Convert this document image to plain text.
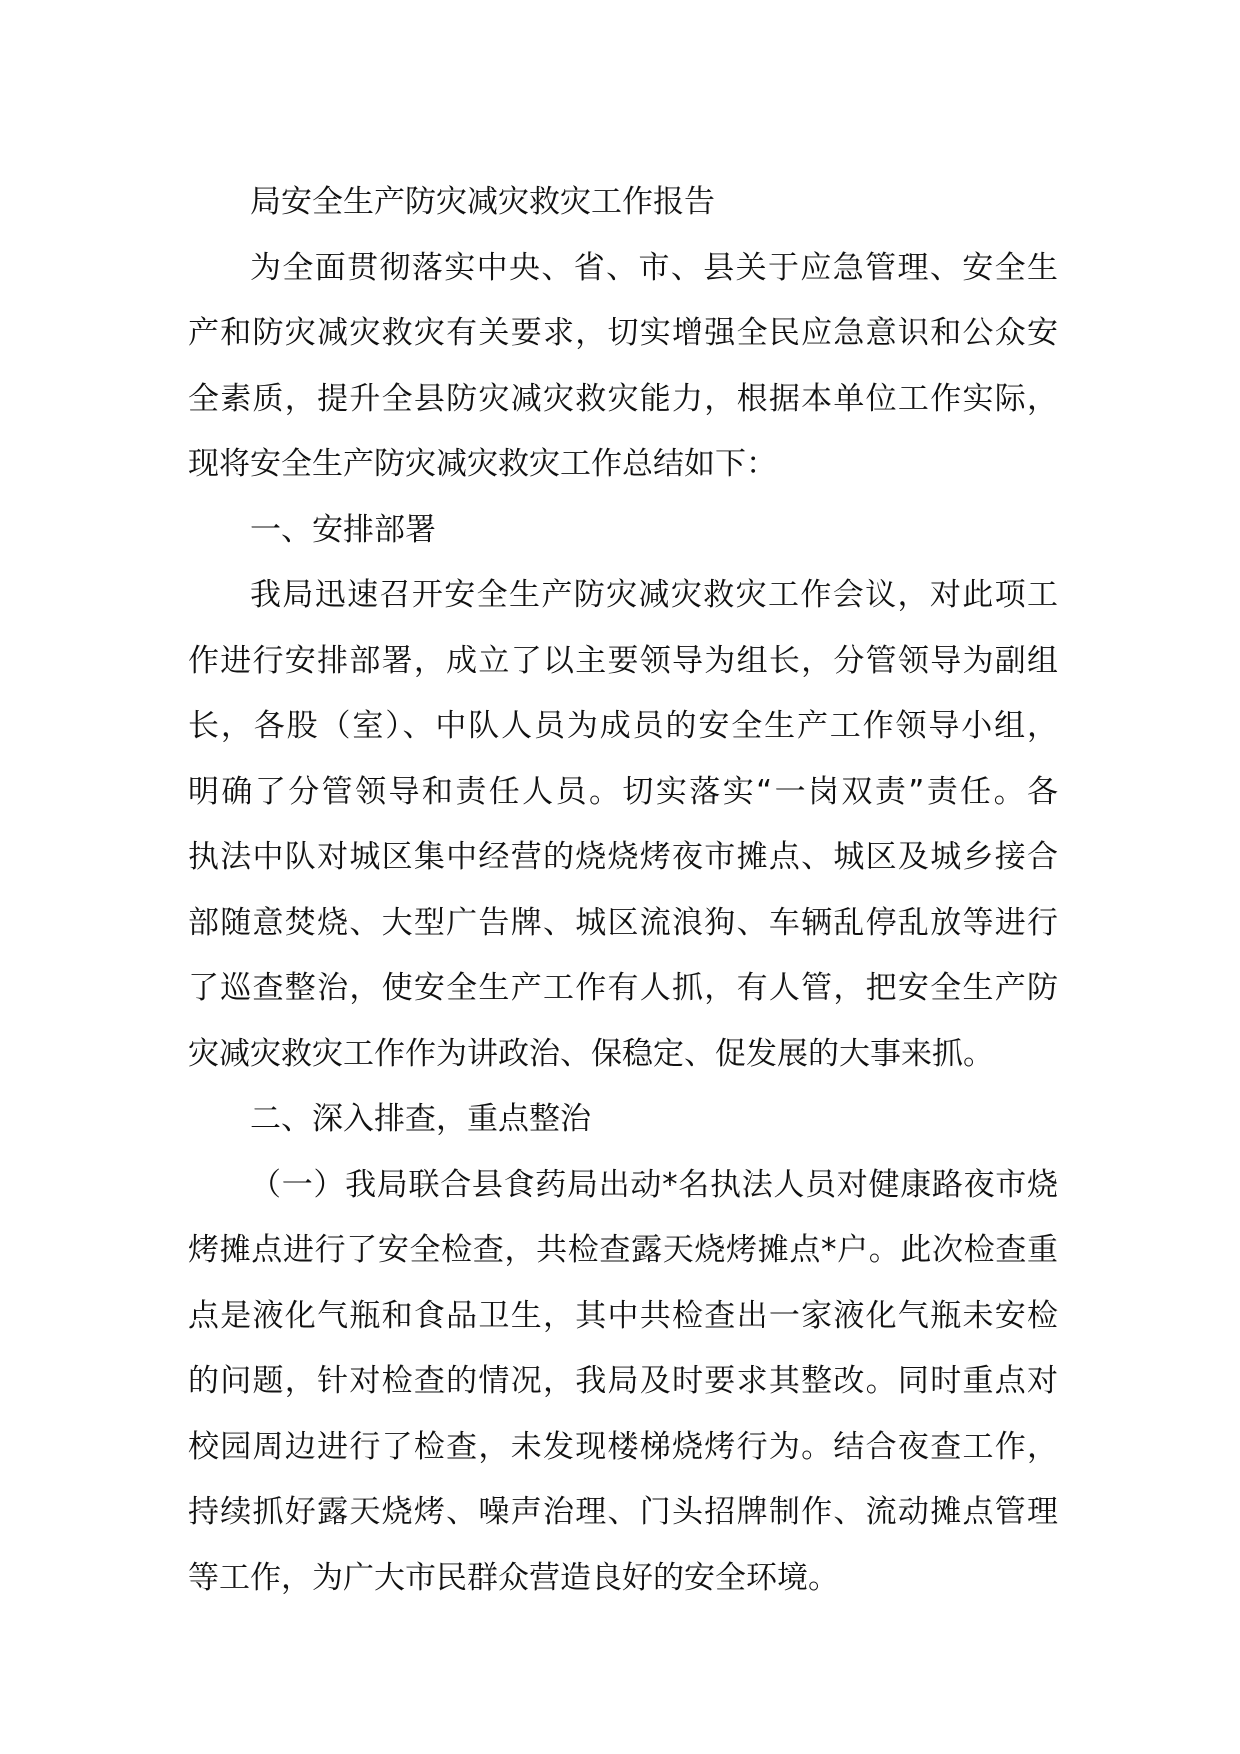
局安全生产防灾减灾救灾工作报告
为全面贯彻落实中央、省、市、县关于应急管理、安全生
产和防灾减灾救灾有关要求，切实增强全民应急意识和公众安
全素质，提升全县防灾减灾救灾能力，根据本单位工作实际，
现将安全生产防灾减灾救灾工作总结如下：
一、安排部署
我局迅速召开安全生产防灾减灾救灾工作会议，对此项工
作进行安排部署，成立了以主要领导为组长，分管领导为副组
长，各股（室）、中队人员为成员的安全生产工作领导小组，
明确了分管领导和责任人员。切实落实“一岗双责”责任。各
执法中队对城区集中经营的烧烧烤夜市摊点、城区及城乡接合
部随意焚烧、大型广告牌、城区流浪狗、车辆乱停乱放等进行
了巡查整治，使安全生产工作有人抓，有人管，把安全生产防
灾减灾救灾工作作为讲政治、保稳定、促发展的大事来抓。
二、深入排查，重点整治
（一）我局联合县食药局出动*名执法人员对健康路夜市烧
烤摊点进行了安全检查，共检查露天烧烤摊点*户。此次检查重
点是液化气瓶和食品卫生，其中共检查出一家液化气瓶未安检
的问题，针对检查的情况，我局及时要求其整改。同时重点对
校园周边进行了检查，未发现楼梯烧烤行为。结合夜查工作，
持续抓好露天烧烤、噪声治理、门头招牌制作、流动摊点管理
等工作，为广大市民群众营造良好的安全环境。
